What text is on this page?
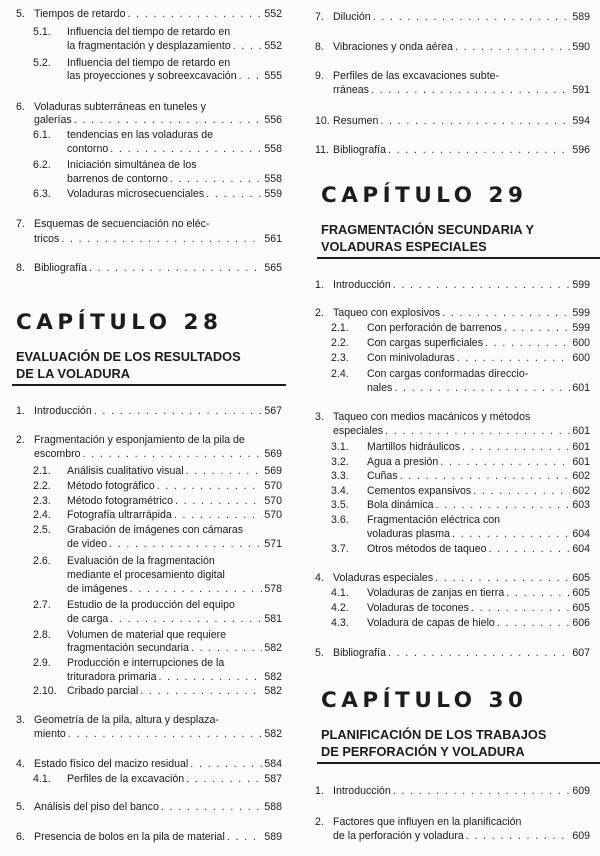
5. Tiempos de retardo . . .	552
5.1.	Influencia del tiempo de retardo en
la fragmentación y desplazamiento . . .	552
5.2.	Influencia del tiempo de retardo en
las proyecciones y sobreexcavación . . .	555
6. Voladuras subterráneas en tuneles y
galerías . . .	556
6.1.	tendencias en las voladuras de
contorno . . .	558
6.2.	Iniciación simultánea de los
barrenos de contorno . . .	558
6.3.	Voladuras microsecuenciales . . .	559
7. Esquemas de secuenciación no eléc-
tricos . . .	561
8. Bibliografía . . .	565
CAPÍTULO 28
EVALUACIÓN DE LOS RESULTADOS
DE LA VOLADURA
1. Introducción . . .	567
2. Fragmentación y esponjamiento de la pila de
escombro . . .	569
2.1.	Análisis cualitativo visual . . .	569
2.2.	Método fotográfico . . .	570
2.3.	Método fotogramétrico . . .	570
2.4.	Fotografía ultrarrápida . . .	570
2.5.	Grabación de imágenes con cámaras
de video . . .	571
2.6.	Evaluación de la fragmentación
mediante el procesamiento digital
de imágenes . . .	578
2.7.	Estudio de la producción del equipo
de carga . . .	581
2.8.	Volumen de material que requiere
fragmentación secundaria . . .	582
2.9.	Producción e interrupciones de la
trituradora primaria . . .	582
2.10. Cribado parcial . . .	582
3. Geometría de la pila, altura y desplaza-
miento . . .	582
4. Estado físico del macizo residual . . .	584
4.1.	Perfiles de la excavación . . .	587
5. Análisis del piso del banco . . .	588
6. Presencia de bolos en la pila de material . . .	589
7. Dilución . . .	589
8. Vibraciones y onda aérea . . .	590
9. Perfiles de las excavaciones subte-
rráneas . . .	591
10. Resumen . . .	594
11. Bibliografía . . .	596
CAPÍTULO 29
FRAGMENTACIÓN SECUNDARIA Y
VOLADURAS ESPECIALES
1. Introducción . . .	599
2. Taqueo con explosivos . . .	599
2.1.	Con perforación de barrenos . . .	599
2.2.	Con cargas superficiales . . .	600
2.3.	Con minivoladuras . . .	600
2.4.	Con cargas conformadas direccio-
nales . . .	601
3. Taqueo con medios macánicos y métodos
especiales . . .	601
3.1.	Martillos hidráulicos . . .	601
3.2.	Agua a presión . . .	601
3.3.	Cuñas . . .	602
3.4.	Cementos expansivos . . .	602
3.5.	Bola dinámica . . .	603
3.6.	Fragmentación eléctrica con
voladuras plasma . . .	604
3.7.	Otros métodos de taqueo . . .	604
4. Voladuras especiales . . .	605
4.1.	Voladuras de zanjas en tierra . . .	605
4.2.	Voladuras de tocones . . .	605
4.3.	Voladura de capas de hielo . . .	606
5. Bibliografía . . .	607
CAPÍTULO 30
PLANIFICACIÓN DE LOS TRABAJOS
DE PERFORACIÓN Y VOLADURA
1. Introducción . . .	609
2. Factores que influyen en la planificación
de la perforación y voladura . . .	609
